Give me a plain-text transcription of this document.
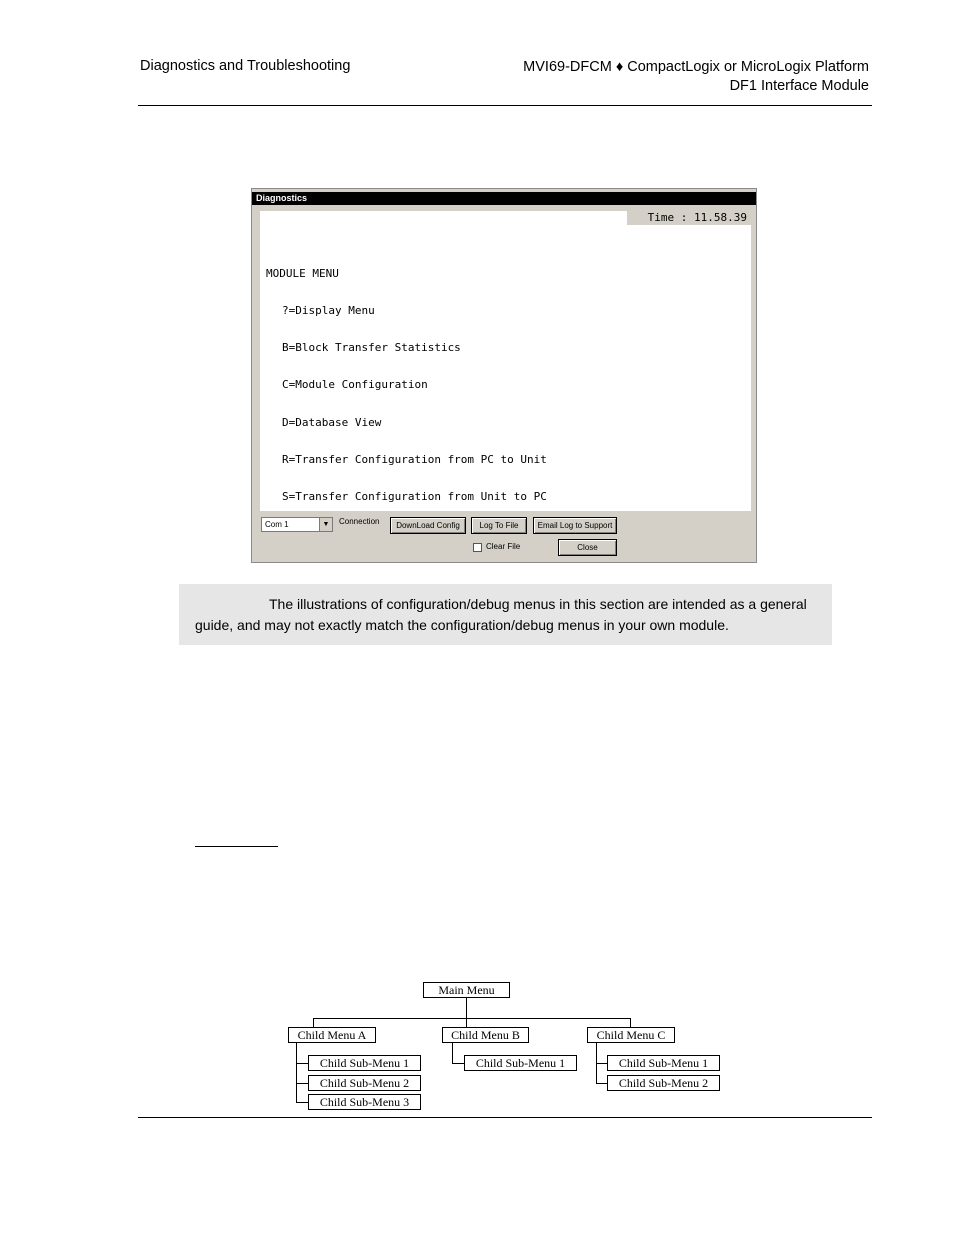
Diagnostics and Troubleshooting	MVI69-DFCM ♦ CompactLogix or MicroLogix Platform
DF1 Interface Module
Diagnostics
Time : 11.58.39

MODULE MENU

?=Display Menu

B=Block Transfer Statistics

C=Module Configuration

D=Database View

R=Transfer Configuration from PC to Unit

S=Transfer Configuration from Unit to PC

Com 1	▼	Connection	DownLoad Config	Log To File	Email Log to Support
Clear File	Close

The illustrations of configuration/debug menus in this section are intended as a general guide, and may not exactly match the configuration/debug menus in your own module.

Main Menu
Child Menu A	Child Menu B	Child Menu C
Child Sub-Menu 1
Child Sub-Menu 2
Child Sub-Menu 3
Child Sub-Menu 1	Child Sub-Menu 1
Child Sub-Menu 2
